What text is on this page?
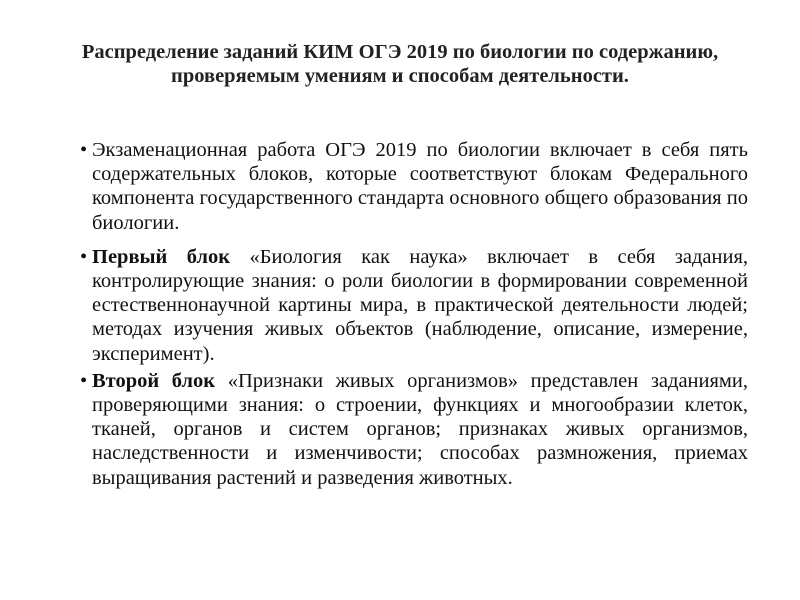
Распределение заданий КИМ ОГЭ 2019 по биологии по содержанию, проверяемым умениям и способам деятельности.
• Экзаменационная работа ОГЭ 2019 по биологии включает в себя пять содержательных блоков, которые соответствуют блокам Федерального компонента государственного стандарта основного общего образования по биологии.
• Первый блок «Биология как наука» включает в себя задания, контролирующие знания: о роли биологии в формировании современной естественнонаучной картины мира, в практической деятельности людей; методах изучения живых объектов (наблюдение, описание, измерение, эксперимент).
• Второй блок «Признаки живых организмов» представлен заданиями, проверяющими знания: о строении, функциях и многообразии клеток, тканей, органов и систем органов; признаках живых организмов, наследственности и изменчивости; способах размножения, приемах выращивания растений и разведения животных.
